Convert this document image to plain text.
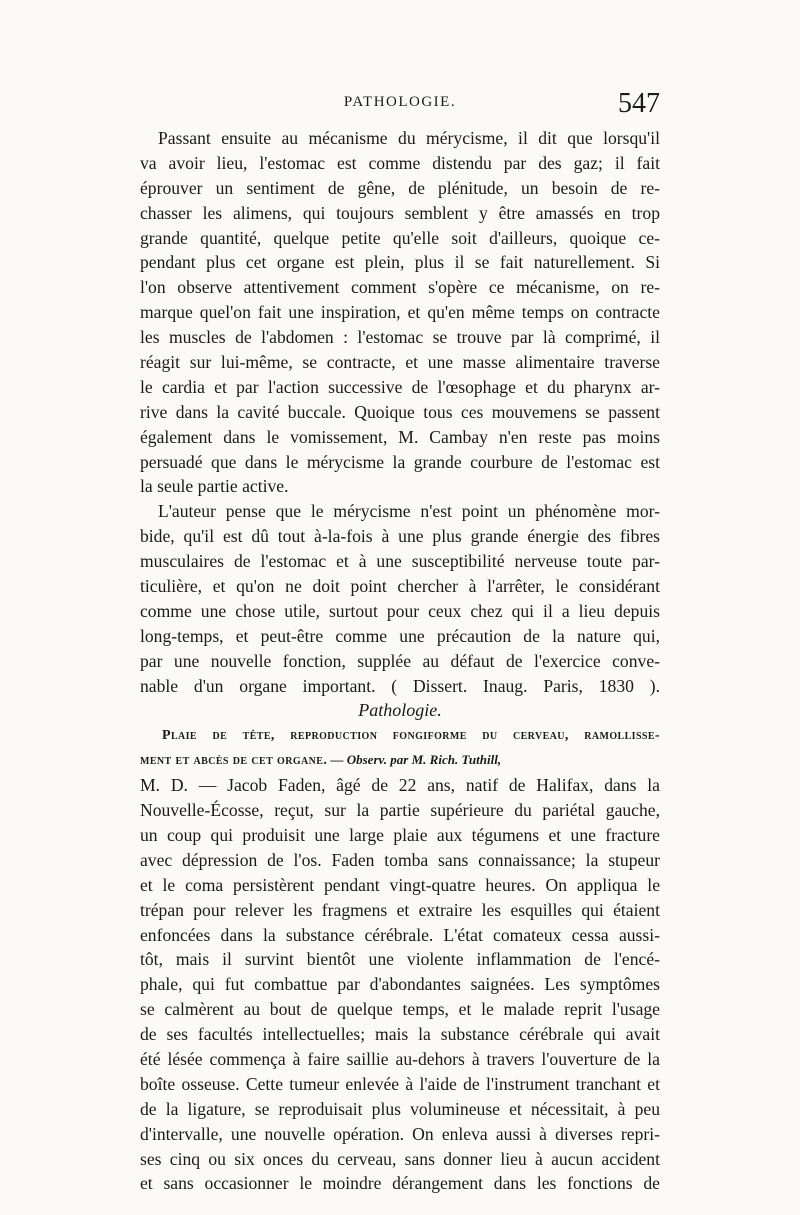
PATHOLOGIE.	547
Passant ensuite au mécanisme du mérycisme, il dit que lorsqu'il
va avoir lieu, l'estomac est comme distendu par des gaz; il fait
éprouver un sentiment de gêne, de plénitude, un besoin de re-
chasser les alimens, qui toujours semblent y être amassés en trop
grande quantité, quelque petite qu'elle soit d'ailleurs, quoique ce-
pendant plus cet organe est plein, plus il se fait naturellement. Si
l'on observe attentivement comment s'opère ce mécanisme, on re-
marque quel'on fait une inspiration, et qu'en même temps on contracte
les muscles de l'abdomen : l'estomac se trouve par là comprimé, il
réagit sur lui-même, se contracte, et une masse alimentaire traverse
le cardia et par l'action successive de l'œsophage et du pharynx ar-
rive dans la cavité buccale. Quoique tous ces mouvemens se passent
également dans le vomissement, M. Cambay n'en reste pas moins
persuadé que dans le mérycisme la grande courbure de l'estomac est
la seule partie active.
L'auteur pense que le mérycisme n'est point un phénomène mor-
bide, qu'il est dû tout à-la-fois à une plus grande énergie des fibres
musculaires de l'estomac et à une susceptibilité nerveuse toute par-
ticulière, et qu'on ne doit point chercher à l'arrêter, le considérant
comme une chose utile, surtout pour ceux chez qui il a lieu depuis
long-temps, et peut-être comme une précaution de la nature qui,
par une nouvelle fonction, supplée au défaut de l'exercice conve-
nable d'un organe important. ( Dissert. Inaug. Paris, 1830 ).
Pathologie.
Plaie de tête, reproduction fongiforme du cerveau, ramollisse-
ment et abcès de cet organe. — Observ. par M. Rich. Tuthill,
M. D. — Jacob Faden, âgé de 22 ans, natif de Halifax, dans la
Nouvelle-Écosse, reçut, sur la partie supérieure du pariétal gauche,
un coup qui produisit une large plaie aux tégumens et une fracture
avec dépression de l'os. Faden tomba sans connaissance; la stupeur
et le coma persistèrent pendant vingt-quatre heures. On appliqua le
trépan pour relever les fragmens et extraire les esquilles qui étaient
enfoncées dans la substance cérébrale. L'état comateux cessa aussi-
tôt, mais il survint bientôt une violente inflammation de l'encé-
phale, qui fut combattue par d'abondantes saignées. Les symptômes
se calmèrent au bout de quelque temps, et le malade reprit l'usage
de ses facultés intellectuelles; mais la substance cérébrale qui avait
été lésée commença à faire saillie au-dehors à travers l'ouverture de la
boîte osseuse. Cette tumeur enlevée à l'aide de l'instrument tranchant et
de la ligature, se reproduisait plus volumineuse et nécessitait, à peu
d'intervalle, une nouvelle opération. On enleva aussi à diverses repri-
ses cinq ou six onces du cerveau, sans donner lieu à aucun accident
et sans occasionner le moindre dérangement dans les fonctions de
